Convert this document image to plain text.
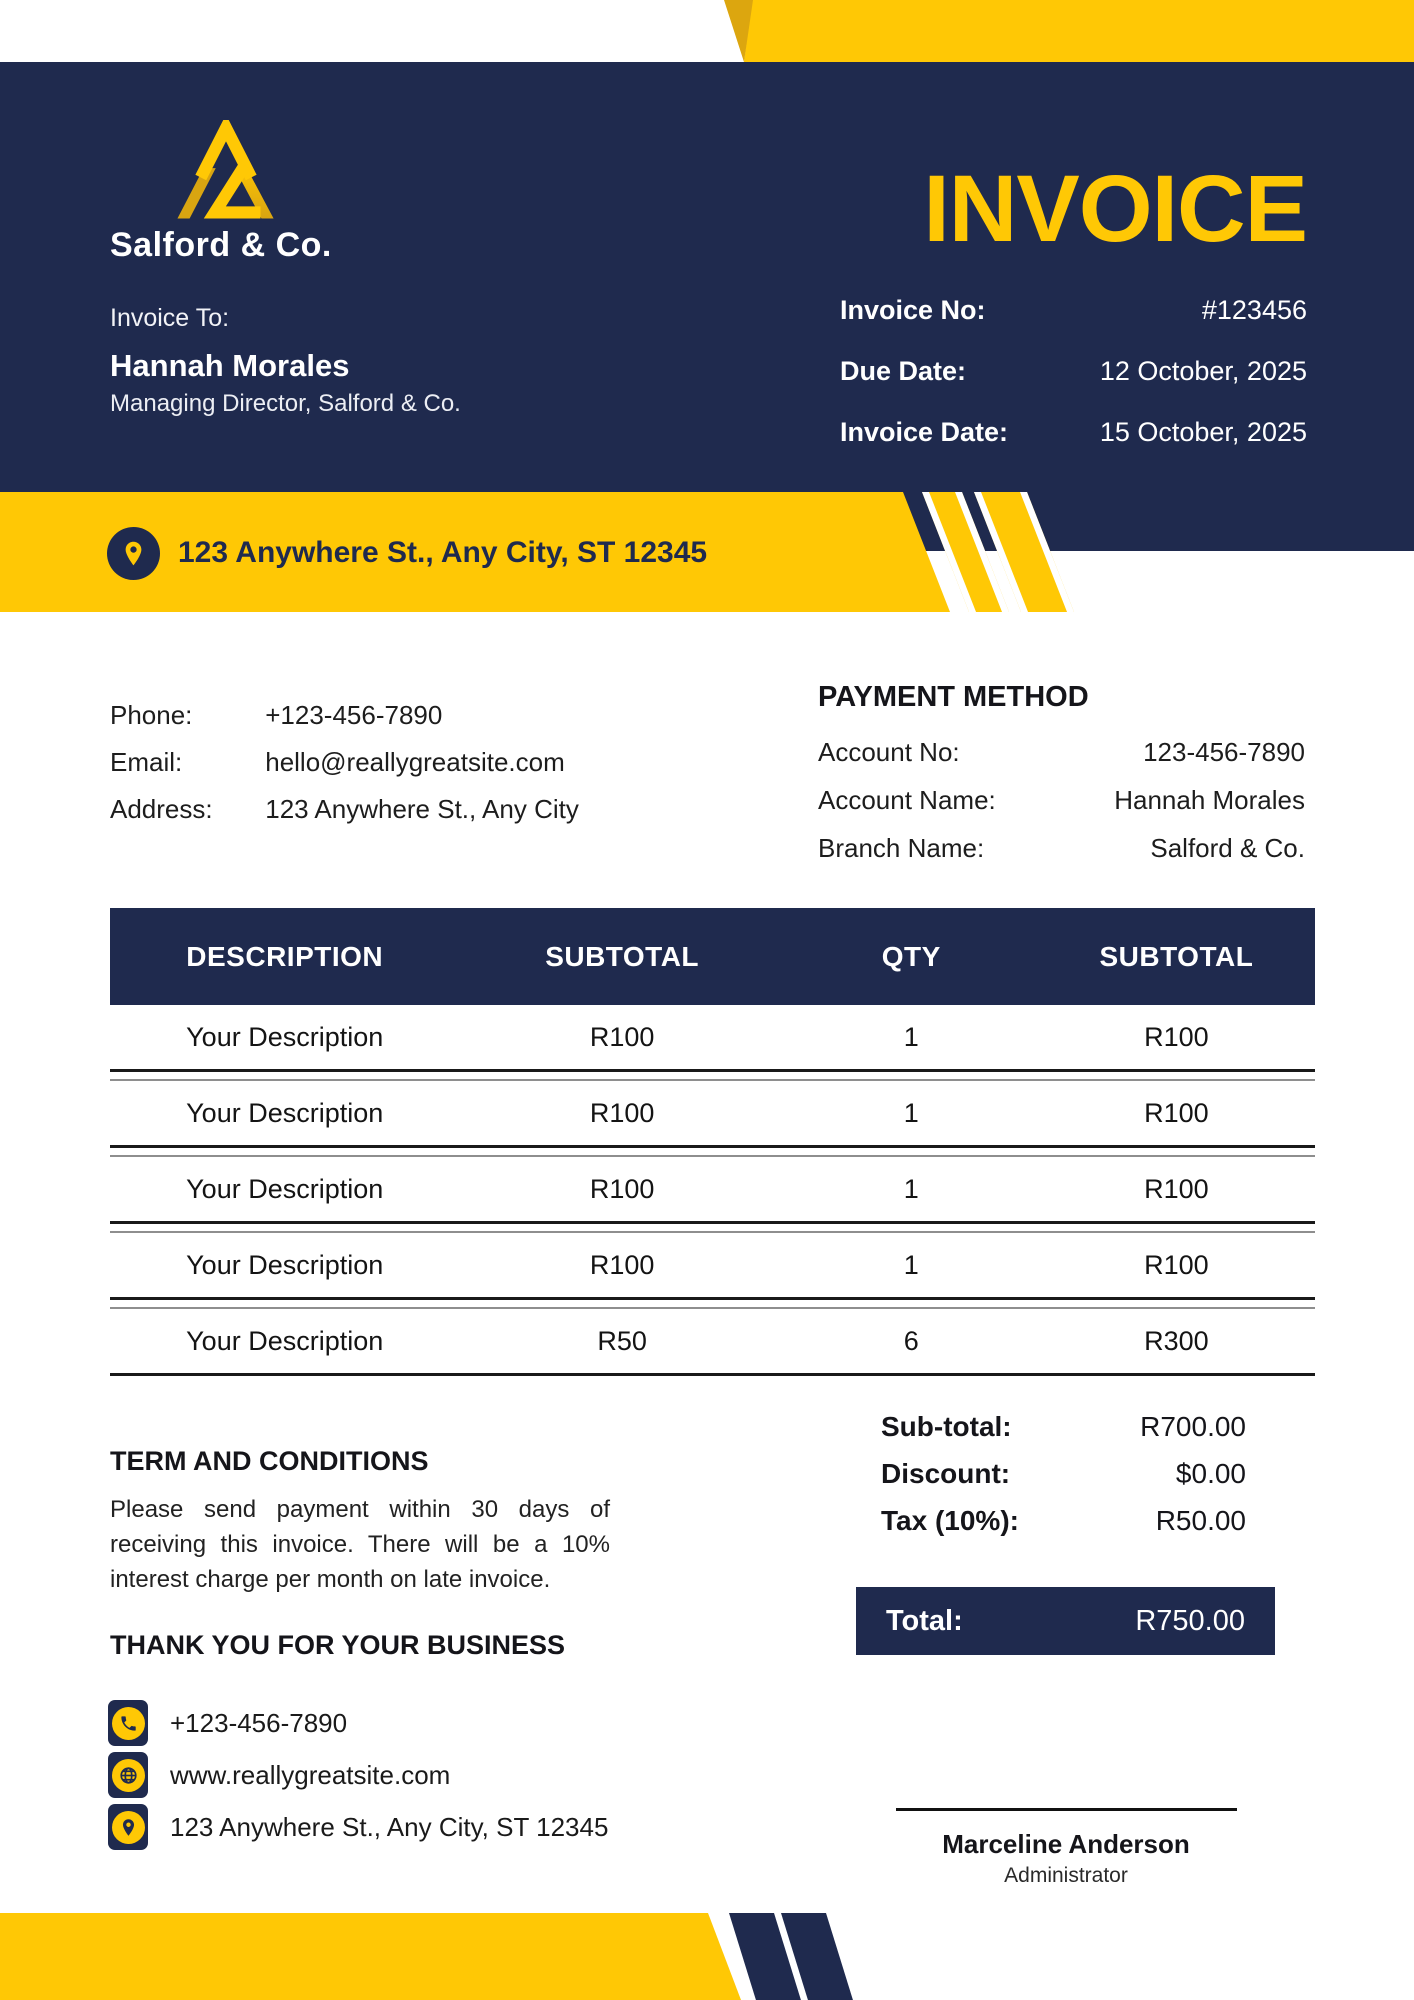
Salford & Co.
Invoice To:
Hannah Morales
Managing Director, Salford & Co.
INVOICE
Invoice No:	#123456
Due Date:	12 October, 2025
Invoice Date:	15 October, 2025
123 Anywhere St., Any City, ST 12345
Phone:	+123-456-7890
Email:	hello@reallygreatsite.com
Address: 123 Anywhere St., Any City
PAYMENT METHOD
Account No:	123-456-7890
Account Name:	Hannah Morales
Branch Name:	Salford & Co.
DESCRIPTION	SUBTOTAL	QTY	SUBTOTAL
Your Description	R100	1	R100
Your Description	R100	1	R100
Your Description	R100	1	R100
Your Description	R100	1	R100
Your Description	R50	6	R300
TERM AND CONDITIONS
Please send payment within 30 days of receiving this invoice. There will be a 10% interest charge per month on late invoice.
THANK YOU FOR YOUR BUSINESS
Sub-total:	R700.00
Discount:	$0.00
Tax (10%):	R50.00
Total:	R750.00
+123-456-7890
www.reallygreatsite.com
123 Anywhere St., Any City, ST 12345
Marceline Anderson
Administrator
